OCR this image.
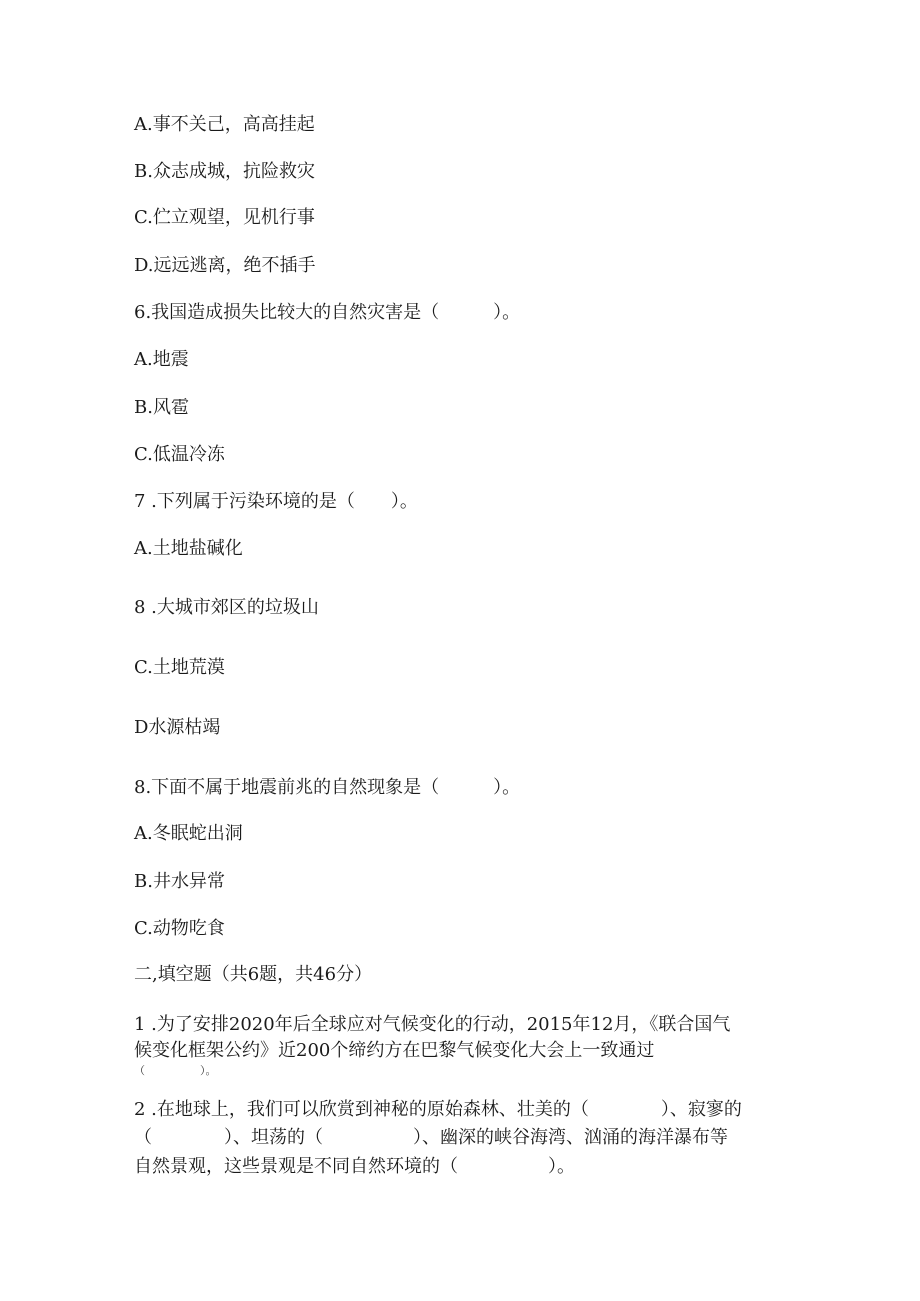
A.事不关己，高高挂起
B.众志成城，抗险救灾
C.伫立观望，见机行事
D.远远逃离，绝不插手
6.我国造成损失比较大的自然灾害是（　　　）。
A.地震
B.风雹
C.低温冷冻
7 .下列属于污染环境的是（　　）。
A.土地盐碱化
8 .大城市郊区的垃圾山
C.土地荒漠
D水源枯竭
8.下面不属于地震前兆的自然现象是（　　　）。
A.冬眠蛇出洞
B.井水异常
C.动物吃食
二,填空题（共6题，共46分）
1 .为了安排2020年后全球应对气候变化的行动，2015年12月，《联合国气
候变化框架公约》近200个缔约方在巴黎气候变化大会上一致通过
（　　　　　）。
2 .在地球上，我们可以欣赏到神秘的原始森林、壮美的（　　　　）、寂寥的
（　　　　）、坦荡的（　　　　　）、幽深的峡谷海湾、汹涌的海洋瀑布等
自然景观，这些景观是不同自然环境的（　　　　　）。
